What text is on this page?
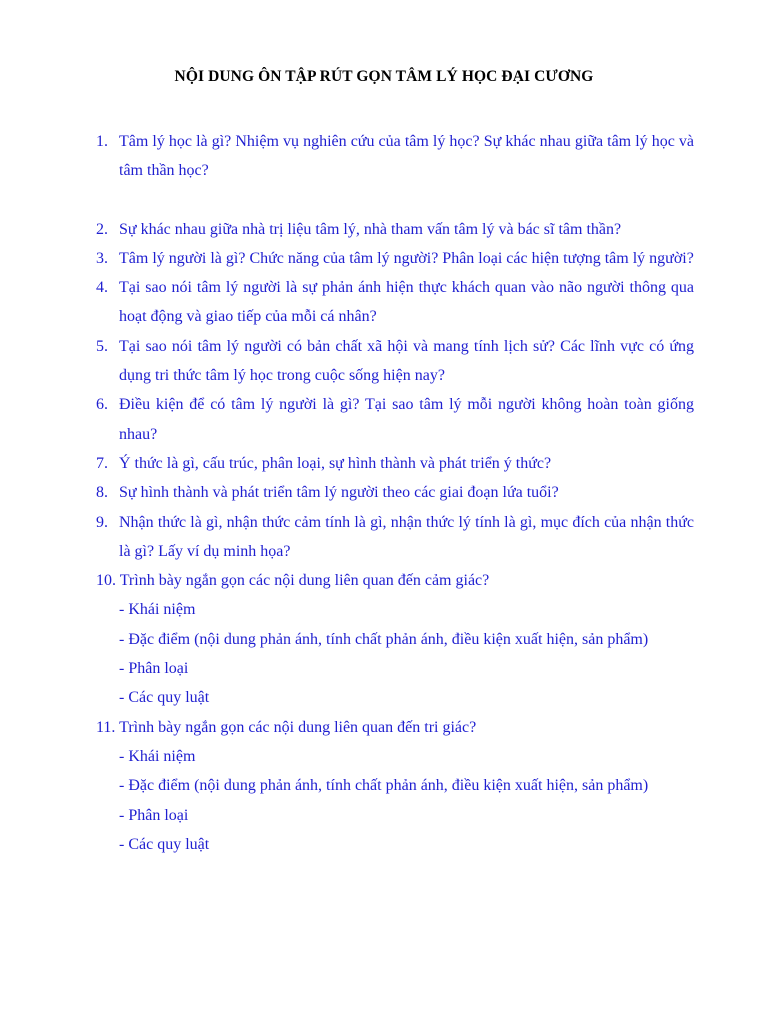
NỘI DUNG ÔN TẬP RÚT GỌN TÂM LÝ HỌC ĐẠI CƯƠNG
1. Tâm lý học là gì? Nhiệm vụ nghiên cứu của tâm lý học? Sự khác nhau giữa tâm lý học và tâm thần học?
2. Sự khác nhau giữa nhà trị liệu tâm lý, nhà tham vấn tâm lý và bác sĩ tâm thần?
3. Tâm lý người là gì? Chức năng của tâm lý người? Phân loại các hiện tượng tâm lý người?
4. Tại sao nói tâm lý người là sự phản ánh hiện thực khách quan vào não người thông qua hoạt động và giao tiếp của mỗi cá nhân?
5. Tại sao nói tâm lý người có bản chất xã hội và mang tính lịch sử? Các lĩnh vực có ứng dụng tri thức tâm lý học trong cuộc sống hiện nay?
6. Điều kiện để có tâm lý người là gì? Tại sao tâm lý mỗi người không hoàn toàn giống nhau?
7. Ý thức là gì, cấu trúc, phân loại, sự hình thành và phát triển ý thức?
8. Sự hình thành và phát triển tâm lý người theo các giai đoạn lứa tuổi?
9. Nhận thức là gì, nhận thức cảm tính là gì, nhận thức lý tính là gì, mục đích của nhận thức là gì? Lấy ví dụ minh họa?
10. Trình bày ngắn gọn các nội dung liên quan đến cảm giác?
- Khái niệm
- Đặc điểm (nội dung phản ánh, tính chất phản ánh, điều kiện xuất hiện, sản phẩm)
- Phân loại
- Các quy luật
11. Trình bày ngắn gọn các nội dung liên quan đến tri giác?
- Khái niệm
- Đặc điểm (nội dung phản ánh, tính chất phản ánh, điều kiện xuất hiện, sản phẩm)
- Phân loại
- Các quy luật
